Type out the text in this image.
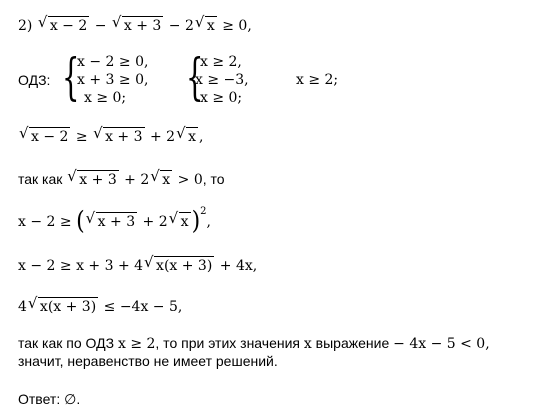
2) √ x − 2 − √ x + 3 − 2 √ x ≥ 0,
ОДЗ: {
x − 2 ≥ 0,
x + 3 ≥ 0,
x ≥ 0; {
x ≥ 2,
x ≥ −3,
x ≥ 0;
x ≥ 2;
√ x − 2 ≥ √ x + 3 + 2 √ x ,
так как √ x + 3 + 2 √ x > 0, то
x − 2 ≥ ( √ x + 3 + 2 √ x )$^2$,
x − 2 ≥ x + 3 + 4 √ x(x + 3) + 4x,
4 √ x(x + 3) ≤ −4x − 5,
так как по ОДЗ x ≥ 2, то при этих значения x выражение − 4x − 5 < 0,
значит, неравенство не имеет решений.
Ответ: ∅.
